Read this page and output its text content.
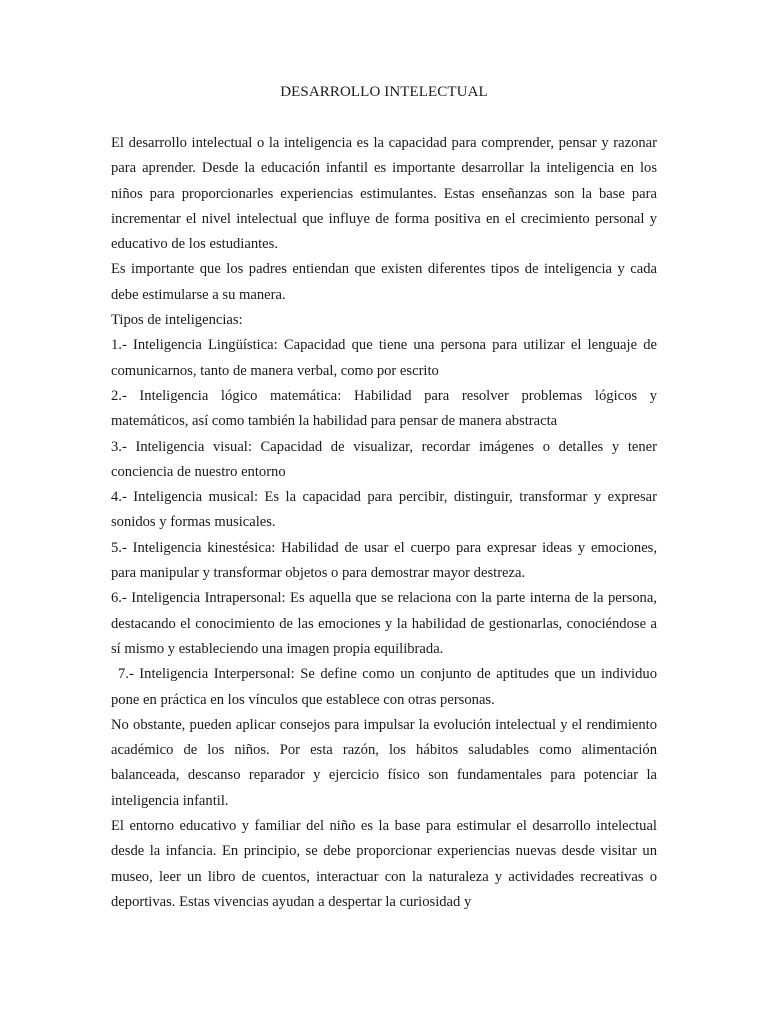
DESARROLLO INTELECTUAL

El desarrollo intelectual o la inteligencia es la capacidad para comprender, pensar y razonar para aprender. Desde la educación infantil es importante desarrollar la inteligencia en los niños para proporcionarles experiencias estimulantes. Estas enseñanzas son la base para incrementar el nivel intelectual que influye de forma positiva en el crecimiento personal y educativo de los estudiantes.

Es importante que los padres entiendan que existen diferentes tipos de inteligencia y cada debe estimularse a su manera.

Tipos de inteligencias:

1.- Inteligencia Lingüística: Capacidad que tiene una persona para utilizar el lenguaje de comunicarnos, tanto de manera verbal, como por escrito

2.- Inteligencia lógico matemática: Habilidad para resolver problemas lógicos y matemáticos, así como también la habilidad para pensar de manera abstracta

3.- Inteligencia visual: Capacidad de visualizar, recordar imágenes o detalles y tener conciencia de nuestro entorno

4.- Inteligencia musical: Es la capacidad para percibir, distinguir, transformar y expresar sonidos y formas musicales.

5.- Inteligencia kinestésica: Habilidad de usar el cuerpo para expresar ideas y emociones, para manipular y transformar objetos o para demostrar mayor destreza.

6.- Inteligencia Intrapersonal: Es aquella que se relaciona con la parte interna de la persona, destacando el conocimiento de las emociones y la habilidad de gestionarlas, conociéndose a sí mismo y estableciendo una imagen propia equilibrada.

7.- Inteligencia Interpersonal: Se define como un conjunto de aptitudes que un individuo pone en práctica en los vínculos que establece con otras personas.

No obstante, pueden aplicar consejos para impulsar la evolución intelectual y el rendimiento académico de los niños. Por esta razón, los hábitos saludables como alimentación balanceada, descanso reparador y ejercicio físico son fundamentales para potenciar la inteligencia infantil.

El entorno educativo y familiar del niño es la base para estimular el desarrollo intelectual desde la infancia. En principio, se debe proporcionar experiencias nuevas desde visitar un museo, leer un libro de cuentos, interactuar con la naturaleza y actividades recreativas o deportivas. Estas vivencias ayudan a despertar la curiosidad y
